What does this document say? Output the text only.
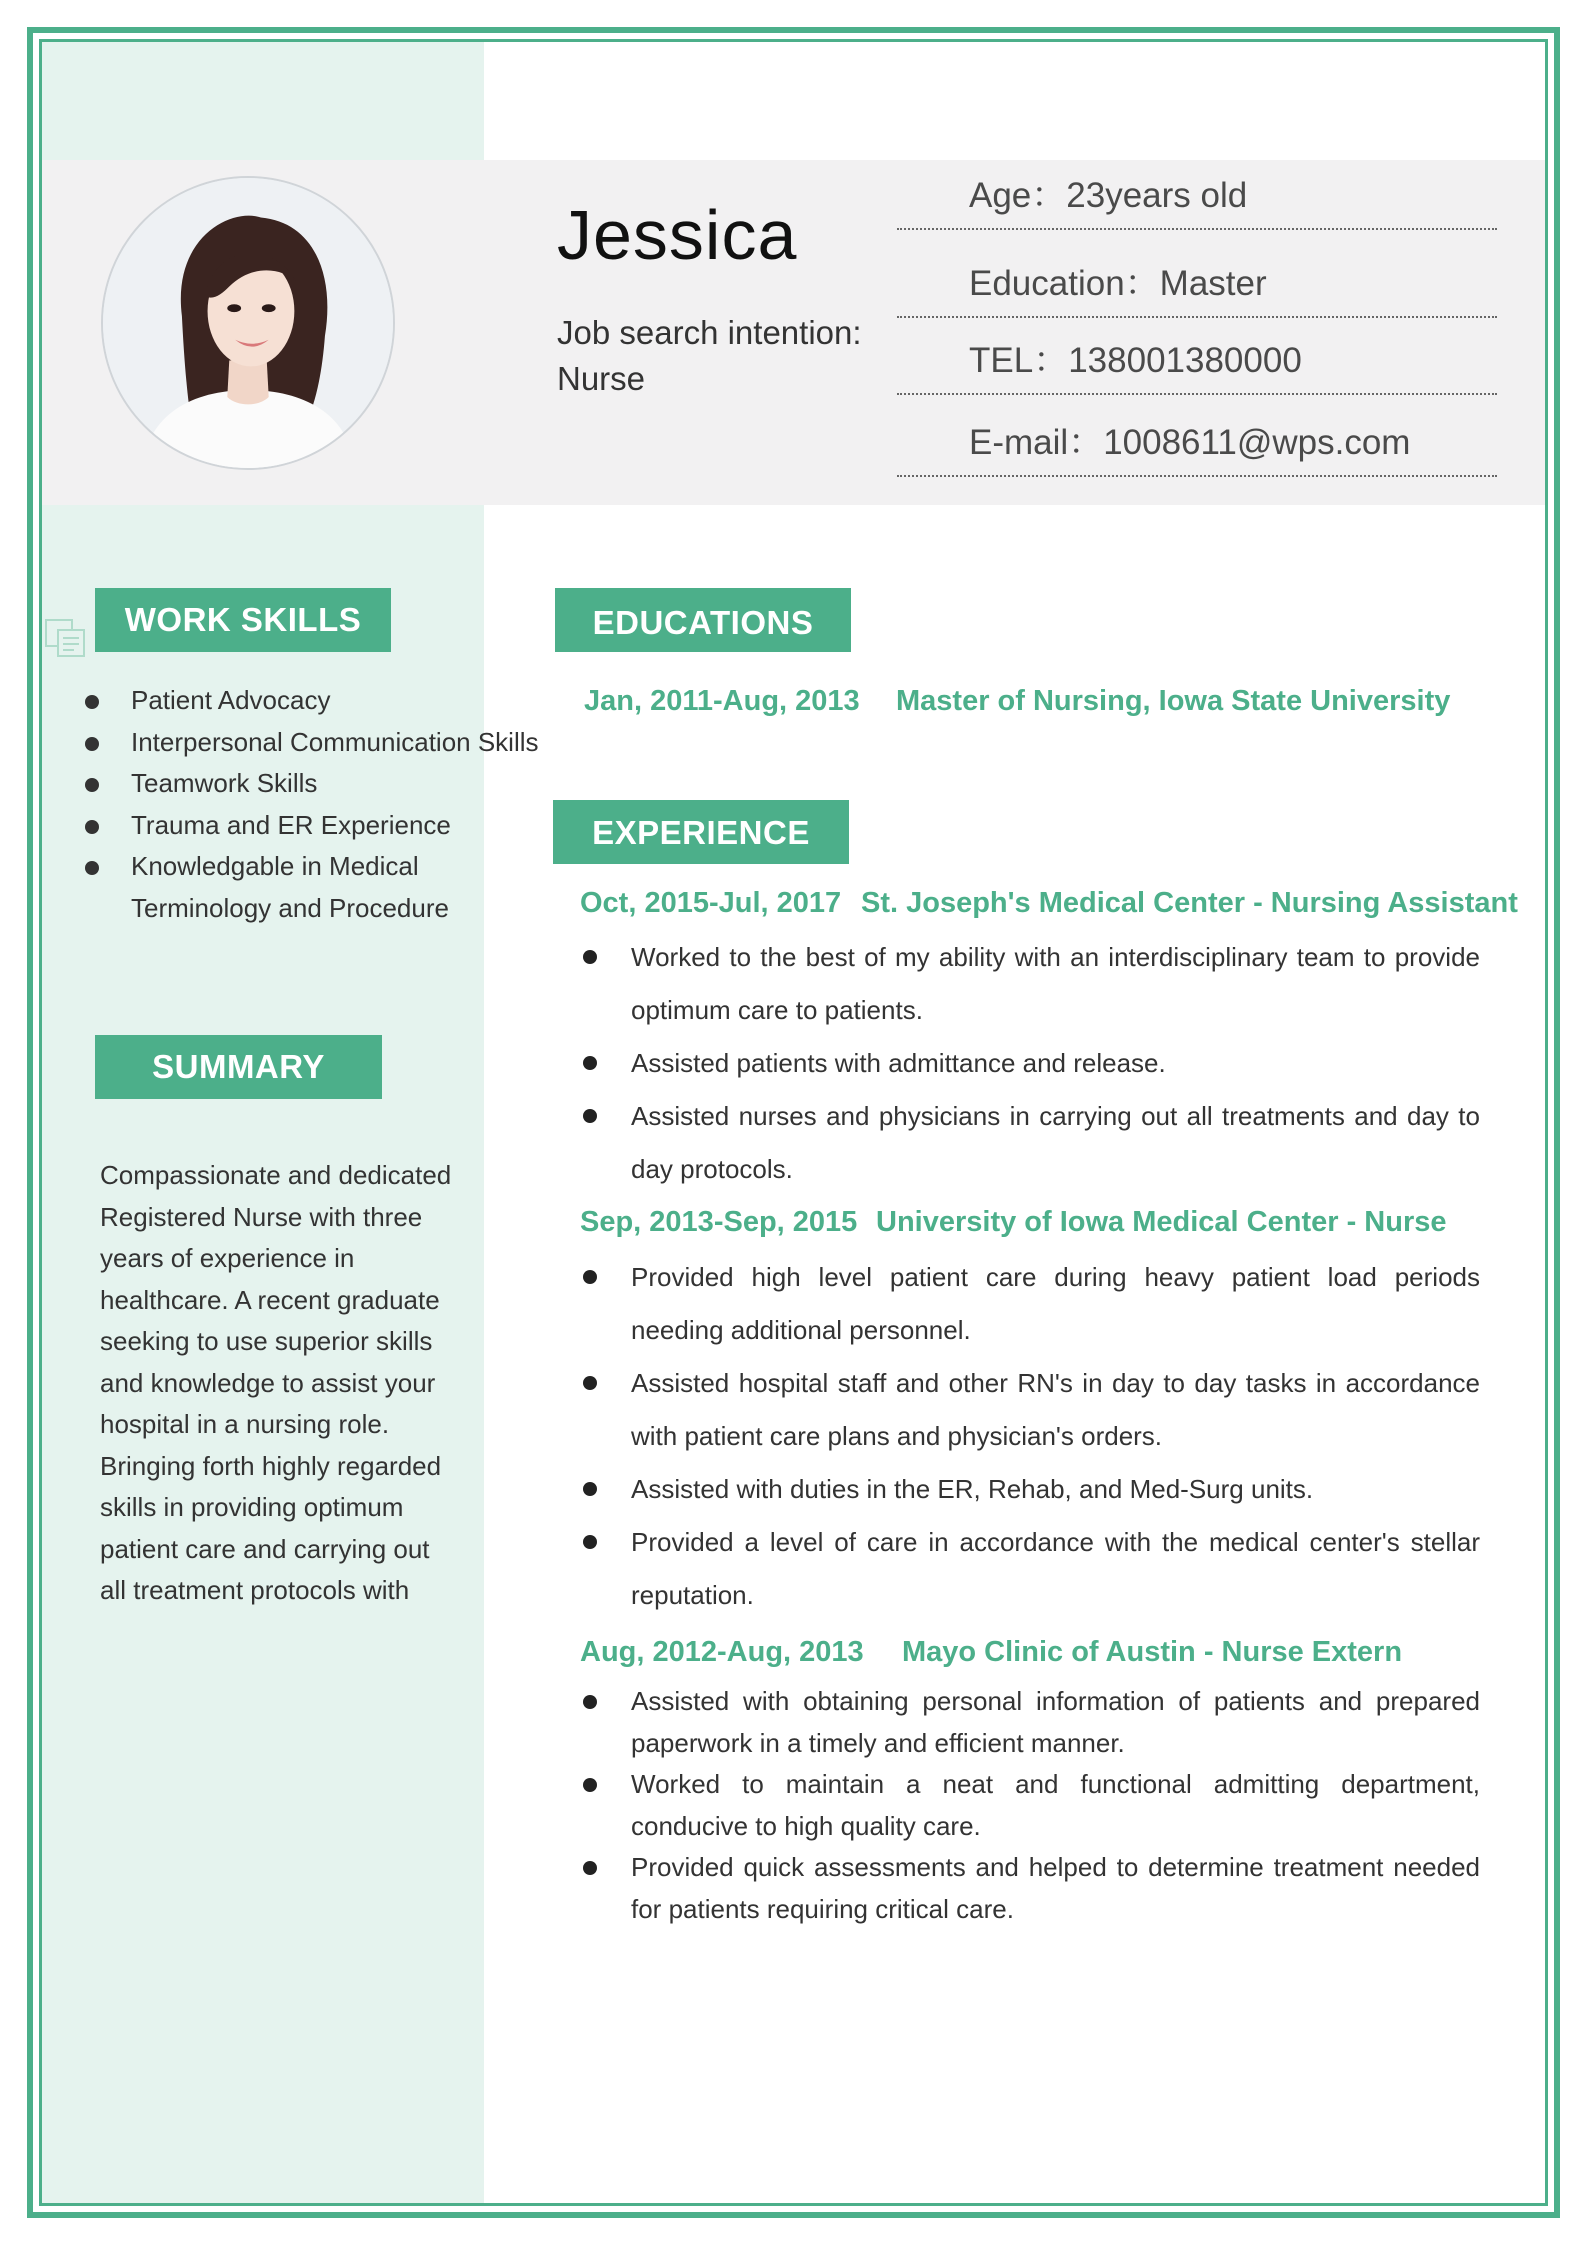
Jessica
Job search intention:
Nurse
Age：23years old
Education：Master
TEL：138001380000
E-mail：1008611@wps.com
WORK SKILLS
Patient Advocacy
Interpersonal Communication Skills
Teamwork Skills
Trauma and ER Experience
Knowledgable in Medical Terminology and Procedure
SUMMARY
Compassionate and dedicated Registered Nurse with three years of experience in healthcare. A recent graduate seeking to use superior skills and knowledge to assist your hospital in a nursing role. Bringing forth highly regarded skills in providing optimum patient care and carrying out all treatment protocols with
EDUCATIONS
Jan, 2011-Aug, 2013 Master of Nursing, Iowa State University
EXPERIENCE
Oct, 2015-Jul, 2017 St. Joseph's Medical Center - Nursing Assistant
Worked to the best of my ability with an interdisciplinary team to provide optimum care to patients.
Assisted patients with admittance and release.
Assisted nurses and physicians in carrying out all treatments and day to day protocols.
Sep, 2013-Sep, 2015 University of Iowa Medical Center - Nurse
Provided high level patient care during heavy patient load periods needing additional personnel.
Assisted hospital staff and other RN's in day to day tasks in accordance with patient care plans and physician's orders.
Assisted with duties in the ER, Rehab, and Med-Surg units.
Provided a level of care in accordance with the medical center's stellar reputation.
Aug, 2012-Aug, 2013 Mayo Clinic of Austin - Nurse Extern
Assisted with obtaining personal information of patients and prepared paperwork in a timely and efficient manner.
Worked to maintain a neat and functional admitting department, conducive to high quality care.
Provided quick assessments and helped to determine treatment needed for patients requiring critical care.
